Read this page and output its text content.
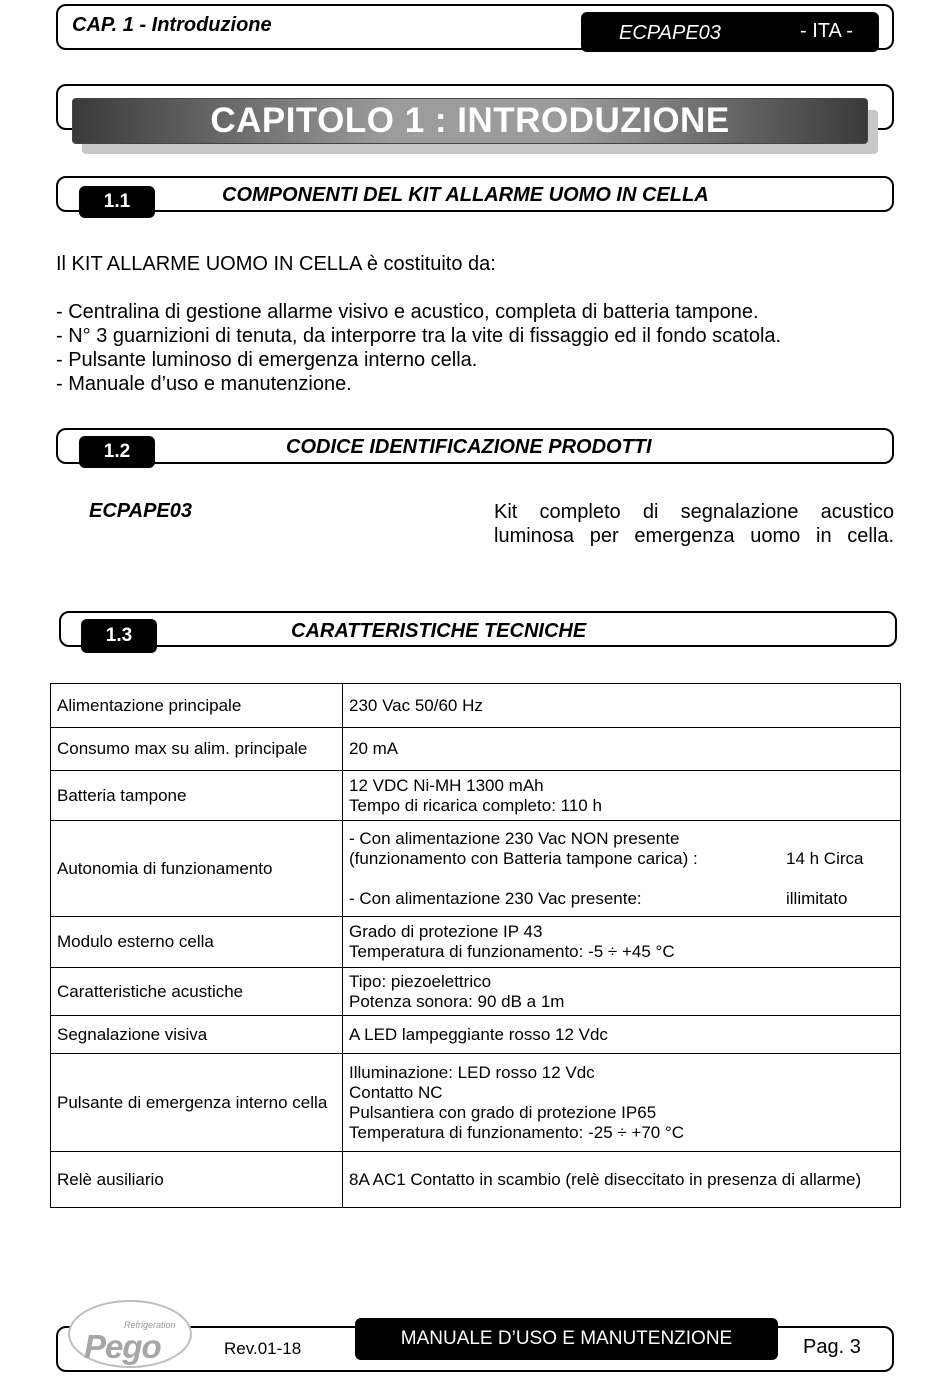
CAP. 1 - Introduzione	ECPAPE03	- ITA -
CAPITOLO 1 : INTRODUZIONE
1.1	COMPONENTI DEL KIT ALLARME UOMO IN CELLA
Il KIT ALLARME UOMO IN CELLA è costituito da:
- Centralina di gestione allarme visivo e acustico, completa di batteria tampone.
- N° 3 guarnizioni di tenuta, da interporre tra la vite di fissaggio ed il fondo scatola.
- Pulsante luminoso di emergenza interno cella.
- Manuale d’uso e manutenzione.
1.2	CODICE IDENTIFICAZIONE PRODOTTI
ECPAPE03	Kit completo di segnalazione acustico
luminosa per emergenza uomo in cella.
1.3	CARATTERISTICHE TECNICHE
Alimentazione principale	230 Vac 50/60 Hz

Consumo max su alim. principale	20 mA

Batteria tampone	12 VDC Ni-MH 1300 mAh
Tempo di ricarica completo: 110 h

Autonomia di funzionamento	- Con alimentazione 230 Vac NON presente
(funzionamento con Batteria tampone carica) : 14 h Circa
- Con alimentazione 230 Vac presente: illimitato

Modulo esterno cella	Grado di protezione IP 43
Temperatura di funzionamento: -5 ÷ +45 °C

Caratteristiche acustiche	Tipo: piezoelettrico
Potenza sonora: 90 dB a 1m

Segnalazione visiva	A LED lampeggiante rosso 12 Vdc

Pulsante di emergenza interno cella	Illuminazione: LED rosso 12 Vdc
Contatto NC
Pulsantiera con grado di protezione IP65
Temperatura di funzionamento: -25 ÷ +70 °C

Relè ausiliario	8A AC1 Contatto in scambio (relè diseccitato in presenza di allarme)
Refrigeration
Pego	Rev.01-18	MANUALE D’USO E MANUTENZIONE	Pag. 3
